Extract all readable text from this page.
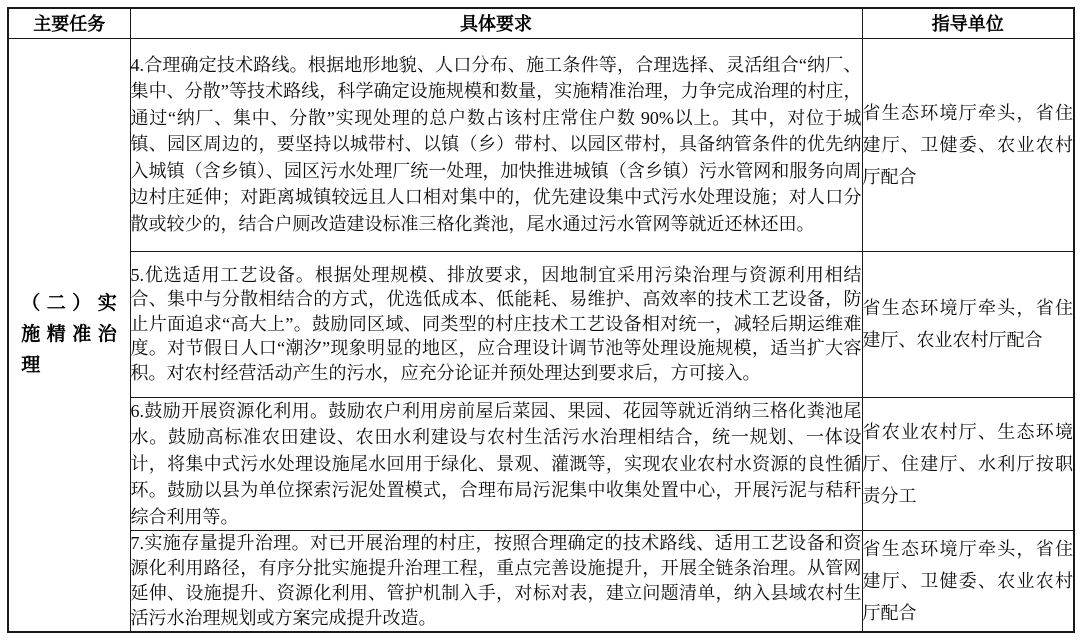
主要任务	具体要求	指导单位
（二）实施精准治理	4.合理确定技术路线。根据地形地貌、人口分布、施工条件等，合理选择、灵活组合“纳厂、集中、分散”等技术路线，科学确定设施规模和数量，实施精准治理，力争完成治理的村庄，通过“纳厂、集中、分散”实现处理的总户数占该村庄常住户数 90%以上。其中，对位于城镇、园区周边的，要坚持以城带村、以镇（乡）带村、以园区带村，具备纳管条件的优先纳入城镇（含乡镇）、园区污水处理厂统一处理，加快推进城镇（含乡镇）污水管网和服务向周边村庄延伸；对距离城镇较远且人口相对集中的，优先建设集中式污水处理设施；对人口分散或较少的，结合户厕改造建设标准三格化粪池，尾水通过污水管网等就近还林还田。	省生态环境厅牵头，省住建厅、卫健委、农业农村厅配合
	5.优选适用工艺设备。根据处理规模、排放要求，因地制宜采用污染治理与资源利用相结合、集中与分散相结合的方式，优选低成本、低能耗、易维护、高效率的技术工艺设备，防止片面追求“高大上”。鼓励同区域、同类型的村庄技术工艺设备相对统一，减轻后期运维难度。对节假日人口“潮汐”现象明显的地区，应合理设计调节池等处理设施规模，适当扩大容积。对农村经营活动产生的污水，应充分论证并预处理达到要求后，方可接入。	省生态环境厅牵头，省住建厅、农业农村厅配合
	6.鼓励开展资源化利用。鼓励农户利用房前屋后菜园、果园、花园等就近消纳三格化粪池尾水。鼓励高标准农田建设、农田水利建设与农村生活污水治理相结合，统一规划、一体设计，将集中式污水处理设施尾水回用于绿化、景观、灌溉等，实现农业农村水资源的良性循环。鼓励以县为单位探索污泥处置模式，合理布局污泥集中收集处置中心，开展污泥与秸秆综合利用等。	省农业农村厅、生态环境厅、住建厅、水利厅按职责分工
	7.实施存量提升治理。对已开展治理的村庄，按照合理确定的技术路线、适用工艺设备和资源化利用路径，有序分批实施提升治理工程，重点完善设施提升，开展全链条治理。从管网延伸、设施提升、资源化利用、管护机制入手，对标对表，建立问题清单，纳入县域农村生活污水治理规划或方案完成提升改造。	省生态环境厅牵头，省住建厅、卫健委、农业农村厅配合
